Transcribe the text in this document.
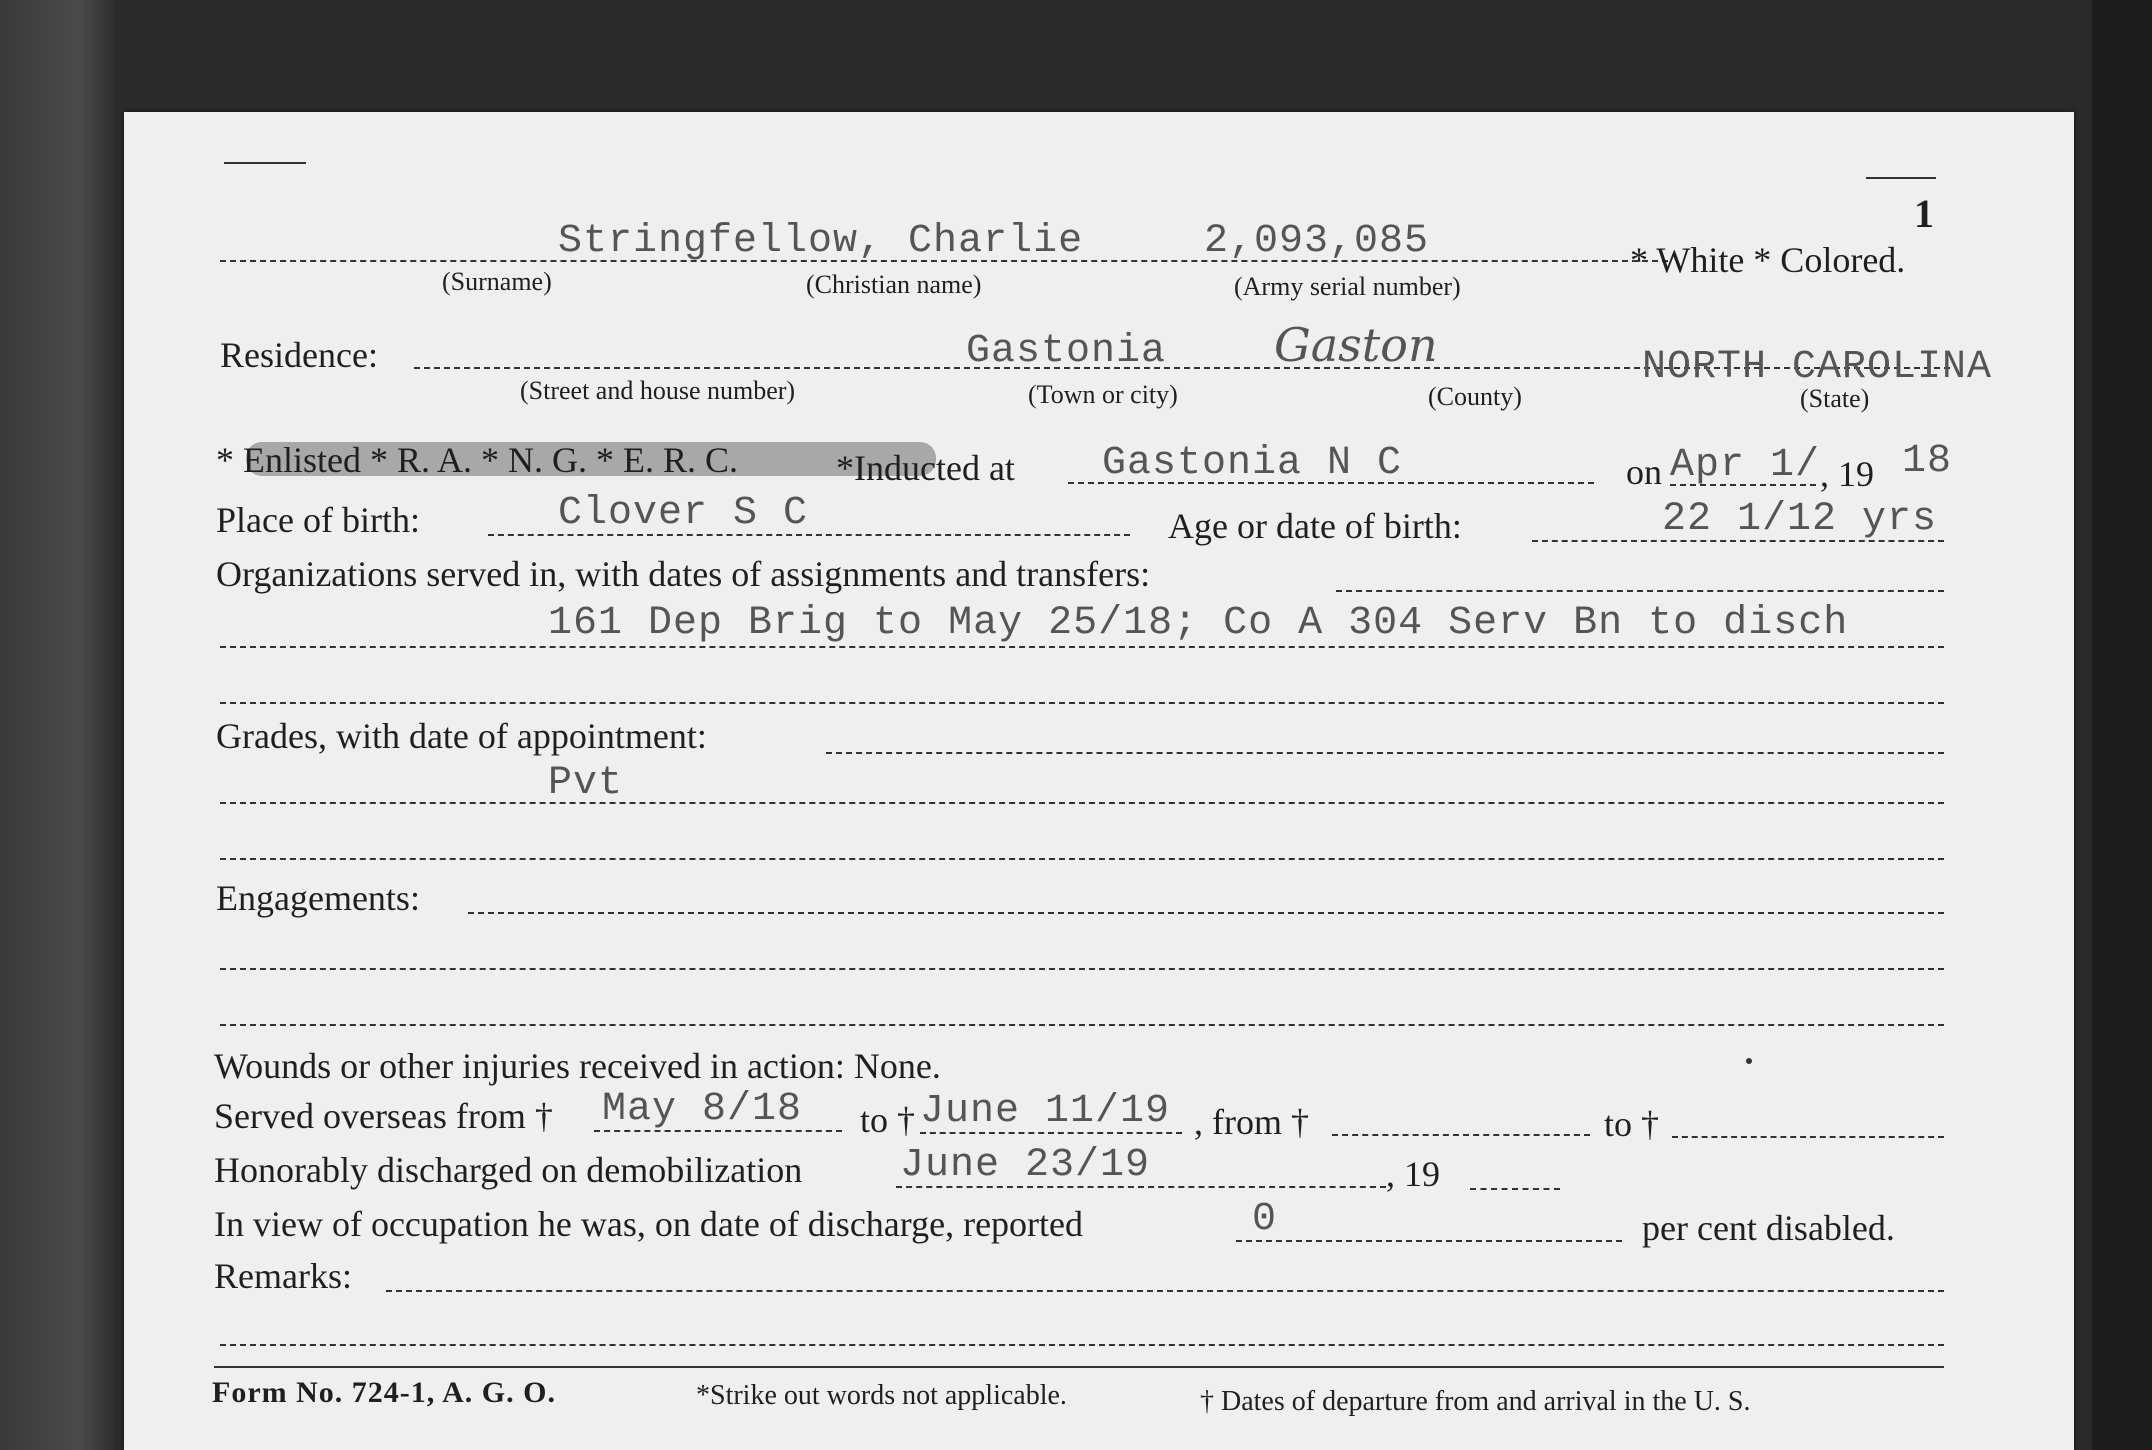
1
Stringfellow, Charlie	2,093,085	* White * Colored.
(Surname)	(Christian name)	(Army serial number)
Residence:	Gastonia Gaston	NORTH CAROLINA
(Street and house number)	(Town or city)	(County)	(State)
* Enlisted * R. A. * N. G. * E. R. C.	*Inducted at Gastonia N C	on Apr 1/ , 19 18
Place of birth:	Clover S C	Age or date of birth:	22 1/12 yrs
Organizations served in, with dates of assignments and transfers:
161 Dep Brig to May 25/18; Co A 304 Serv Bn to disch
Grades, with date of appointment:
Pvt
Engagements:
Wounds or other injuries received in action: None.
Served overseas from † May 8/18 to † June 11/19 , from †	to †
Honorably discharged on demobilization June 23/19	, 19
In view of occupation he was, on date of discharge, reported	0	per cent disabled.
Remarks:
Form No. 724-1, A. G. O.	*Strike out words not applicable.	† Dates of departure from and arrival in the U. S.
